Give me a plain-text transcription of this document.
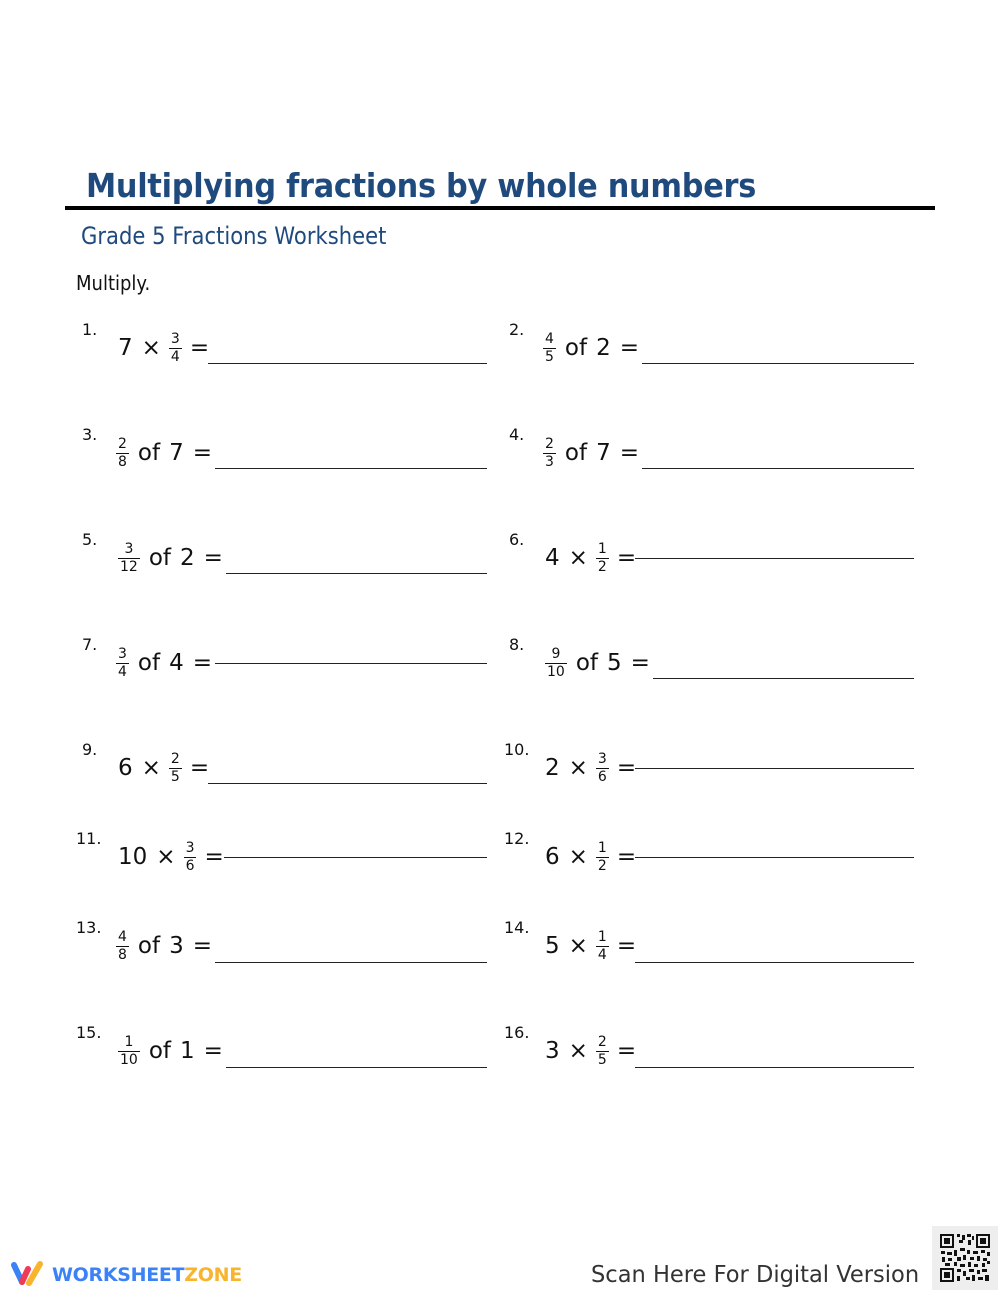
Multiplying fractions by whole numbers
Grade 5 Fractions Worksheet
Multiply.
1.
$7 \times \frac{3}{4}$ =
2.
$\frac{4}{5}$ of 2 =
3.
$\frac{2}{8}$ of 7 =
4.
$\frac{2}{3}$ of 7 =
5.
$\frac{3}{12}$ of 2 =
6.
$4 \times \frac{1}{2}$ =
7.
$\frac{3}{4}$ of 4 =
8.
$\frac{9}{10}$ of 5 =
9.
$6 \times \frac{2}{5}$ =
10.
$2 \times \frac{3}{6}$ =
11.
$10 \times \frac{3}{6}$ =
12.
$6 \times \frac{1}{2}$ =
13.
$\frac{4}{8}$ of 3 =
14.
$5 \times \frac{1}{4}$ =
15.
$\frac{1}{10}$ of 1 =
16.
$3 \times \frac{2}{5}$ =
WORKSHEETZONE	Scan Here For Digital Version
